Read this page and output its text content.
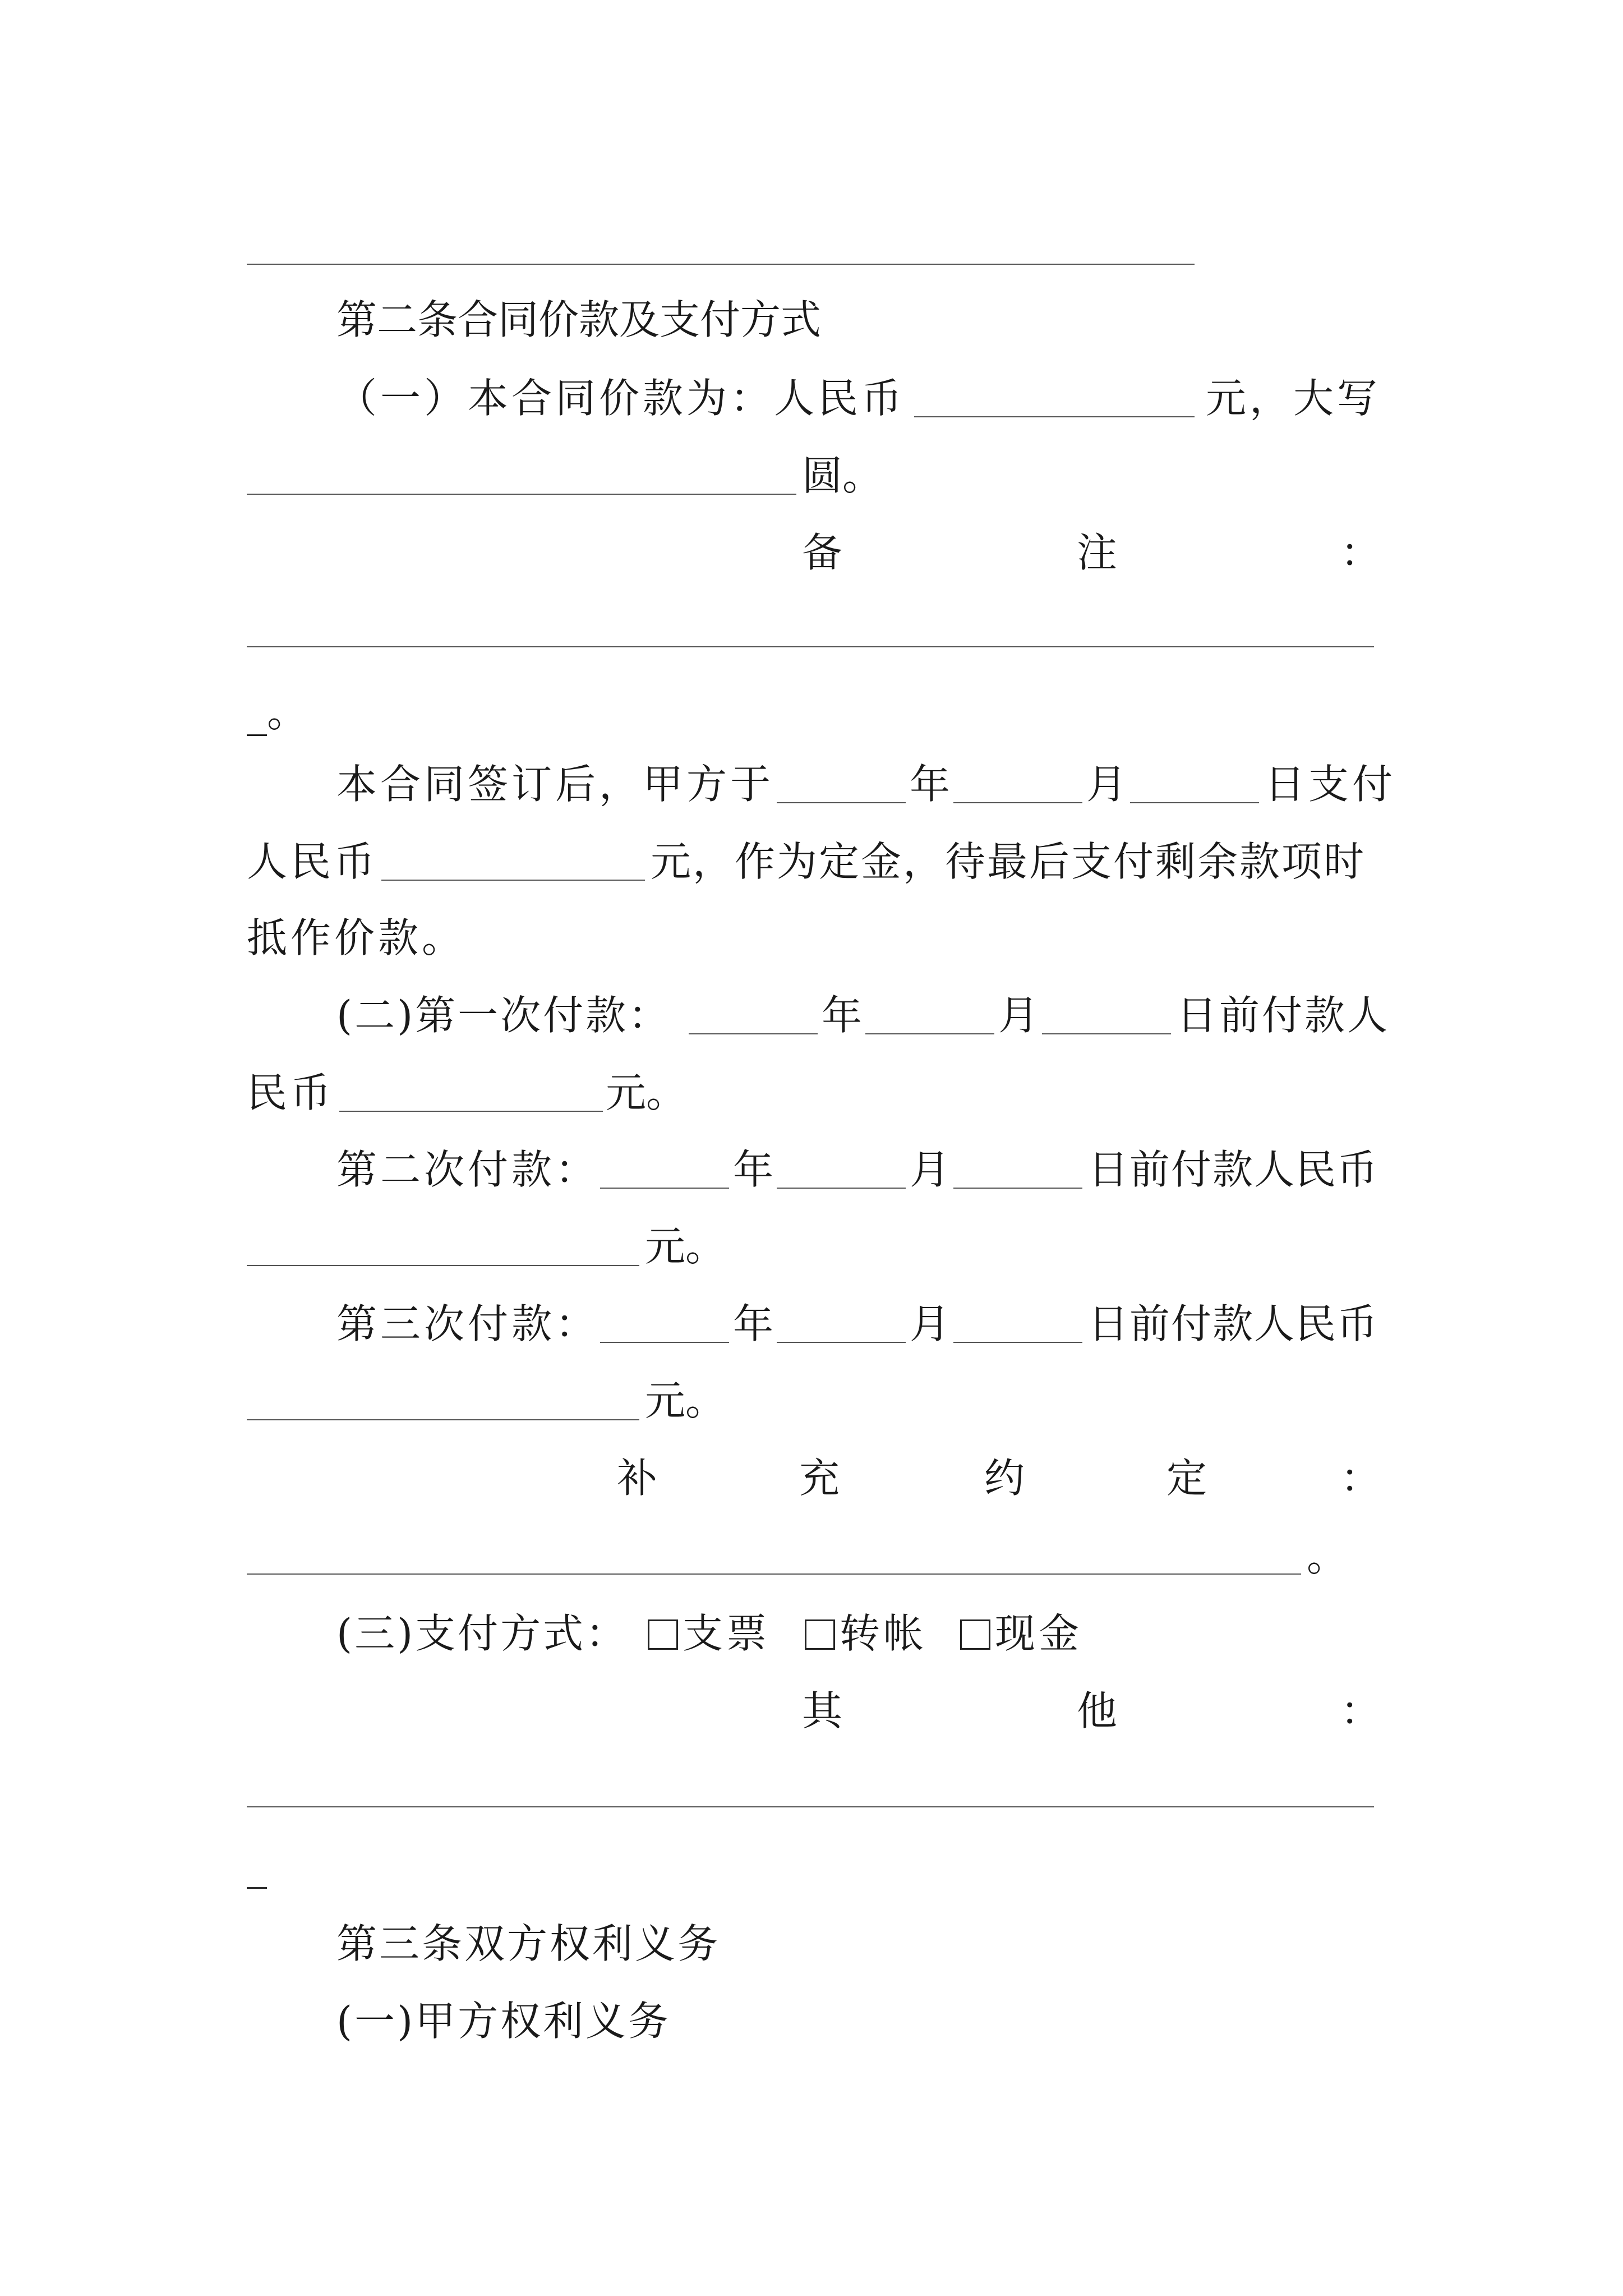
第二条合同价款及支付方式
（一）本合同价款为：人民币	元，大写
圆。
备	注	：
_。
本合同签订后，甲方于	年	月	日支付
人民币	元，作为定金，待最后支付剩余款项时
抵作价款。
(二)第一次付款：	年	月	日前付款人
民币	元。
第二次付款：	年	月	日前付款人民币
元。
第三次付款：	年	月	日前付款人民币
元。
补	充	约	定	：
。
(三)支付方式：	支票	转帐	现金
其	他	：
_
第三条双方权利义务
(一)甲方权利义务
